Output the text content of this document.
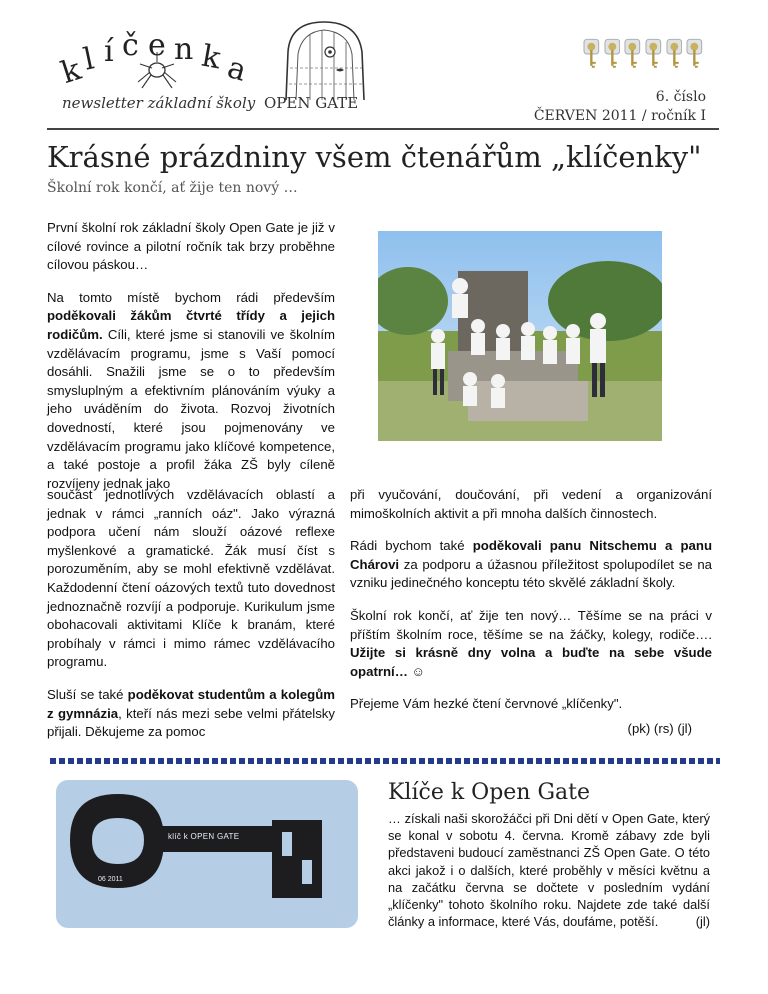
k
l í č e n k a
newsletter základní školy OPEN GATE	6. číslo
ČERVEN 2011 / ročník I
Krásné prázdniny všem čtenářům „klíčenky"
Školní rok končí, ať žije ten nový …

První školní rok základní školy Open Gate je již v cílové rovince a pilotní ročník tak brzy proběhne cílovou páskou…

Na tomto místě bychom rádi především poděkovali žákům čtvrté třídy a jejich rodičům. Cíli, které jsme si stanovili ve školním vzdělávacím programu, jsme s Vaší pomocí dosáhli. Snažili jsme se o to především smysluplným a efektivním plánováním výuky a jeho uváděním do života. Rozvoj životních dovedností, které jsou pojmenovány ve vzdělávacím programu jako klíčové kompetence, a také postoje a profil žáka ZŠ byly cíleně rozvíjeny jednak jako

součást jednotlivých vzdělávacích oblastí a jednak v rámci „ranních oáz". Jako výrazná podpora učení nám slouží oázové reflexe myšlenkové a gramatické. Žák musí číst s porozuměním, aby se mohl efektivně vzdělávat. Každodenní čtení oázových textů tuto dovednost jednoznačně rozvíjí a podporuje. Kurikulum jsme obohacovali aktivitami Klíče k branám, které probíhaly v rámci i mimo rámec vzdělávacího programu.

Sluší se také poděkovat studentům a kolegům z gymnázia, kteří nás mezi sebe velmi přátelsky přijali. Děkujeme za pomoc

při vyučování, doučování, při vedení a organizování mimoškolních aktivit a při mnoha dalších činnostech.

Rádi bychom také poděkovali panu Nitschemu a panu Chárovi za podporu a úžasnou příležitost spolupodílet se na vzniku jedinečného konceptu této skvělé základní školy.

Školní rok končí, ať žije ten nový… Těšíme se na práci v příštím školním roce, těšíme se na žáčky, kolegy, rodiče…. Užijte si krásně dny volna a buďte na sebe všude opatrní… ☺

Přejeme Vám hezké čtení červnové „klíčenky".

(pk) (rs) (jl)
klíč k OPEN GATE
06 2011
Klíče k Open Gate
… získali naši skorožáčci při Dni dětí v Open Gate, který se konal v sobotu 4. června. Kromě zábavy zde byli představeni budoucí zaměstnanci ZŠ Open Gate. O této akci jakož i o dalších, které proběhly v měsíci květnu a na začátku června se dočtete v posledním vydání „klíčenky" tohoto školního roku. Najdete zde také další články a informace, které Vás, doufáme, potěší.	(jl)
